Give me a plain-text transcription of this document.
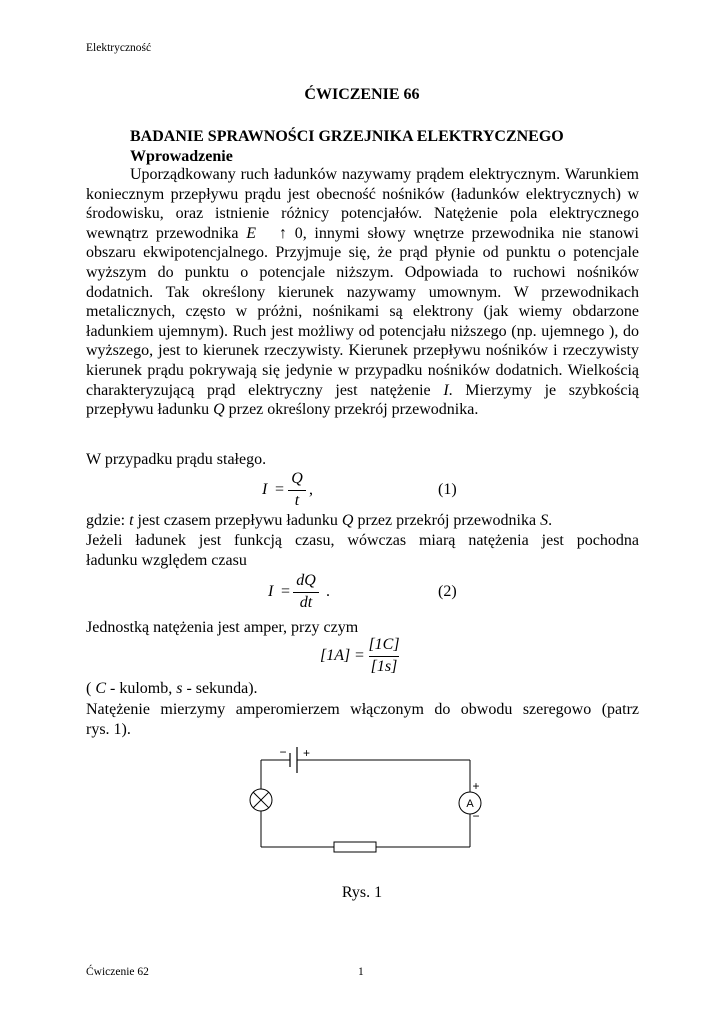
Elektryczność
ĆWICZENIE 66
BADANIE SPRAWNOŚCI GRZEJNIKA ELEKTRYCZNEGO
Wprowadzenie

Uporządkowany ruch ładunków nazywamy prądem elektrycznym. Warunkiem koniecznym przepływu prądu jest obecność nośników (ładunków elektrycznych) w środowisku, oraz istnienie różnicy potencjałów. Natężenie pola elektrycznego wewnątrz przewodnika E ↑ 0, innymi słowy wnętrze przewodnika nie stanowi obszaru ekwipotencjalnego. Przyjmuje się, że prąd płynie od punktu o potencjale wyższym do punktu o potencjale niższym. Odpowiada to ruchowi nośników dodatnich. Tak określony kierunek nazywamy umownym. W przewodnikach metalicznych, często w próżni, nośnikami są elektrony (jak wiemy obdarzone ładunkiem ujemnym). Ruch jest możliwy od potencjału niższego (np. ujemnego ), do wyższego, jest to kierunek rzeczywisty. Kierunek przepływu nośników i rzeczywisty kierunek prądu pokrywają się jedynie w przypadku nośników dodatnich. Wielkością charakteryzującą prąd elektryczny jest natężenie I. Mierzymy je szybkością przepływu ładunku Q przez określony przekrój przewodnika.

W przypadku prądu stałego.
I =
Q
t
,	(1)
gdzie: t jest czasem przepływu ładunku Q przez przekrój przewodnika S.
Jeżeli ładunek jest funkcją czasu, wówczas miarą natężenia jest pochodna
ładunku względem czasu
I =
dQ
dt
.	(2)
Jednostką natężenia jest amper, przy czym
[1A] =
[1C]
[1s]
( C - kulomb, s - sekunda).
Natężenie mierzymy amperomierzem włączonym do obwodu szeregowo (patrz
rys. 1).
− +
A
+
−
Rys. 1
Ćwiczenie 62	1
